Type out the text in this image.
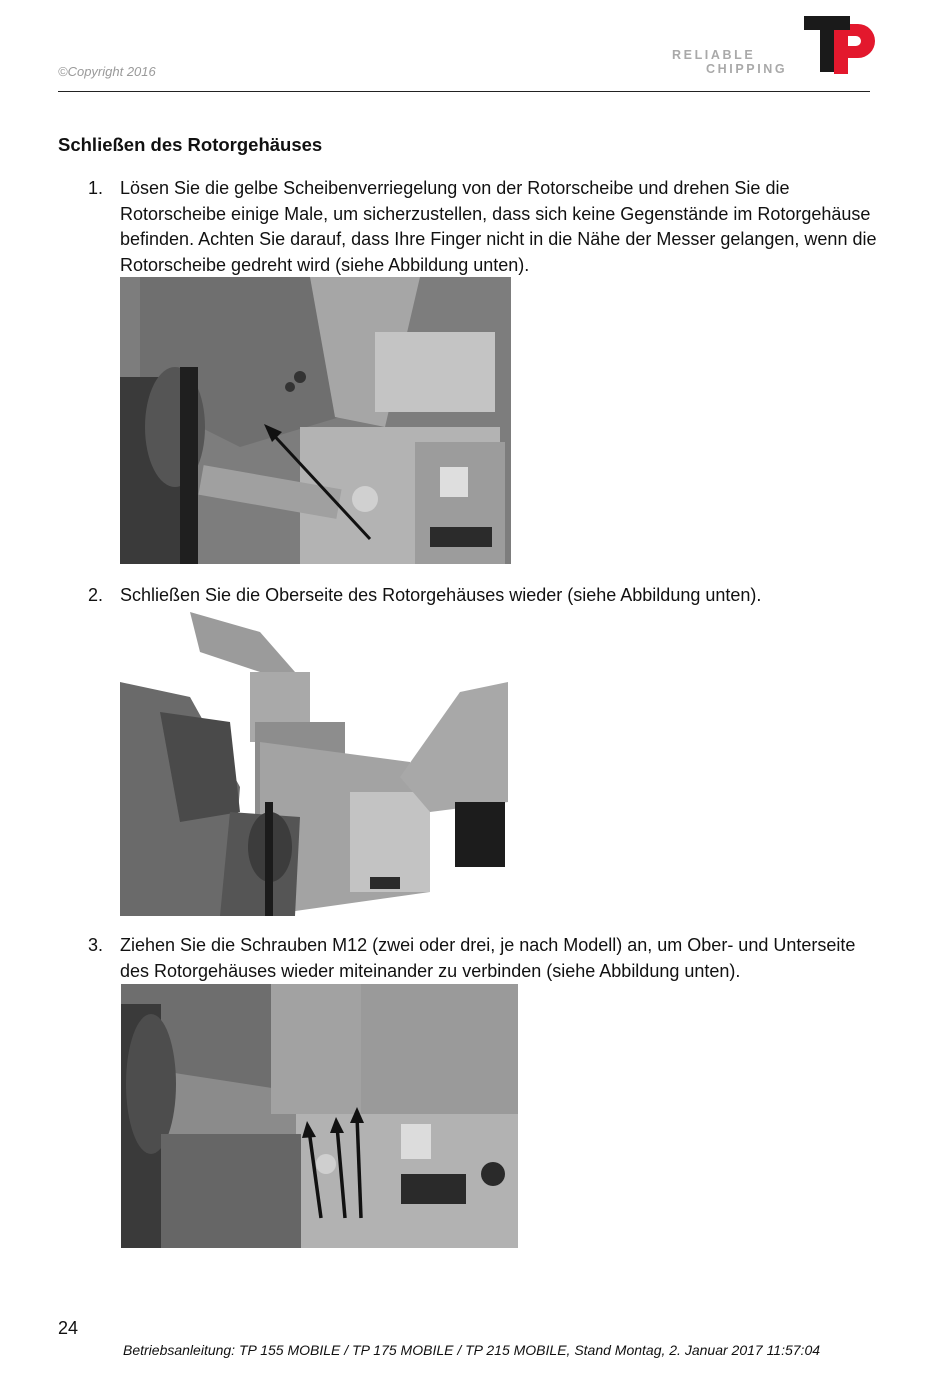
©Copyright 2016
RELIABLE
CHIPPING
Schließen des Rotorgehäuses
1. Lösen Sie die gelbe Scheibenverriegelung von der Rotorscheibe und drehen Sie die Rotorscheibe einige Male, um sicherzustellen, dass sich keine Gegenstände im Rotorgehäuse befinden. Achten Sie darauf, dass Ihre Finger nicht in die Nähe der Messer gelangen, wenn die Rotorscheibe gedreht wird (siehe Abbildung unten).
2. Schließen Sie die Oberseite des Rotorgehäuses wieder (siehe Abbildung unten).
3. Ziehen Sie die Schrauben M12 (zwei oder drei, je nach Modell) an, um Ober- und Unterseite des Rotorgehäuses wieder miteinander zu verbinden (siehe Abbildung unten).
24
Betriebsanleitung: TP 155 MOBILE / TP 175 MOBILE / TP 215 MOBILE, Stand Montag, 2. Januar 2017 11:57:04
